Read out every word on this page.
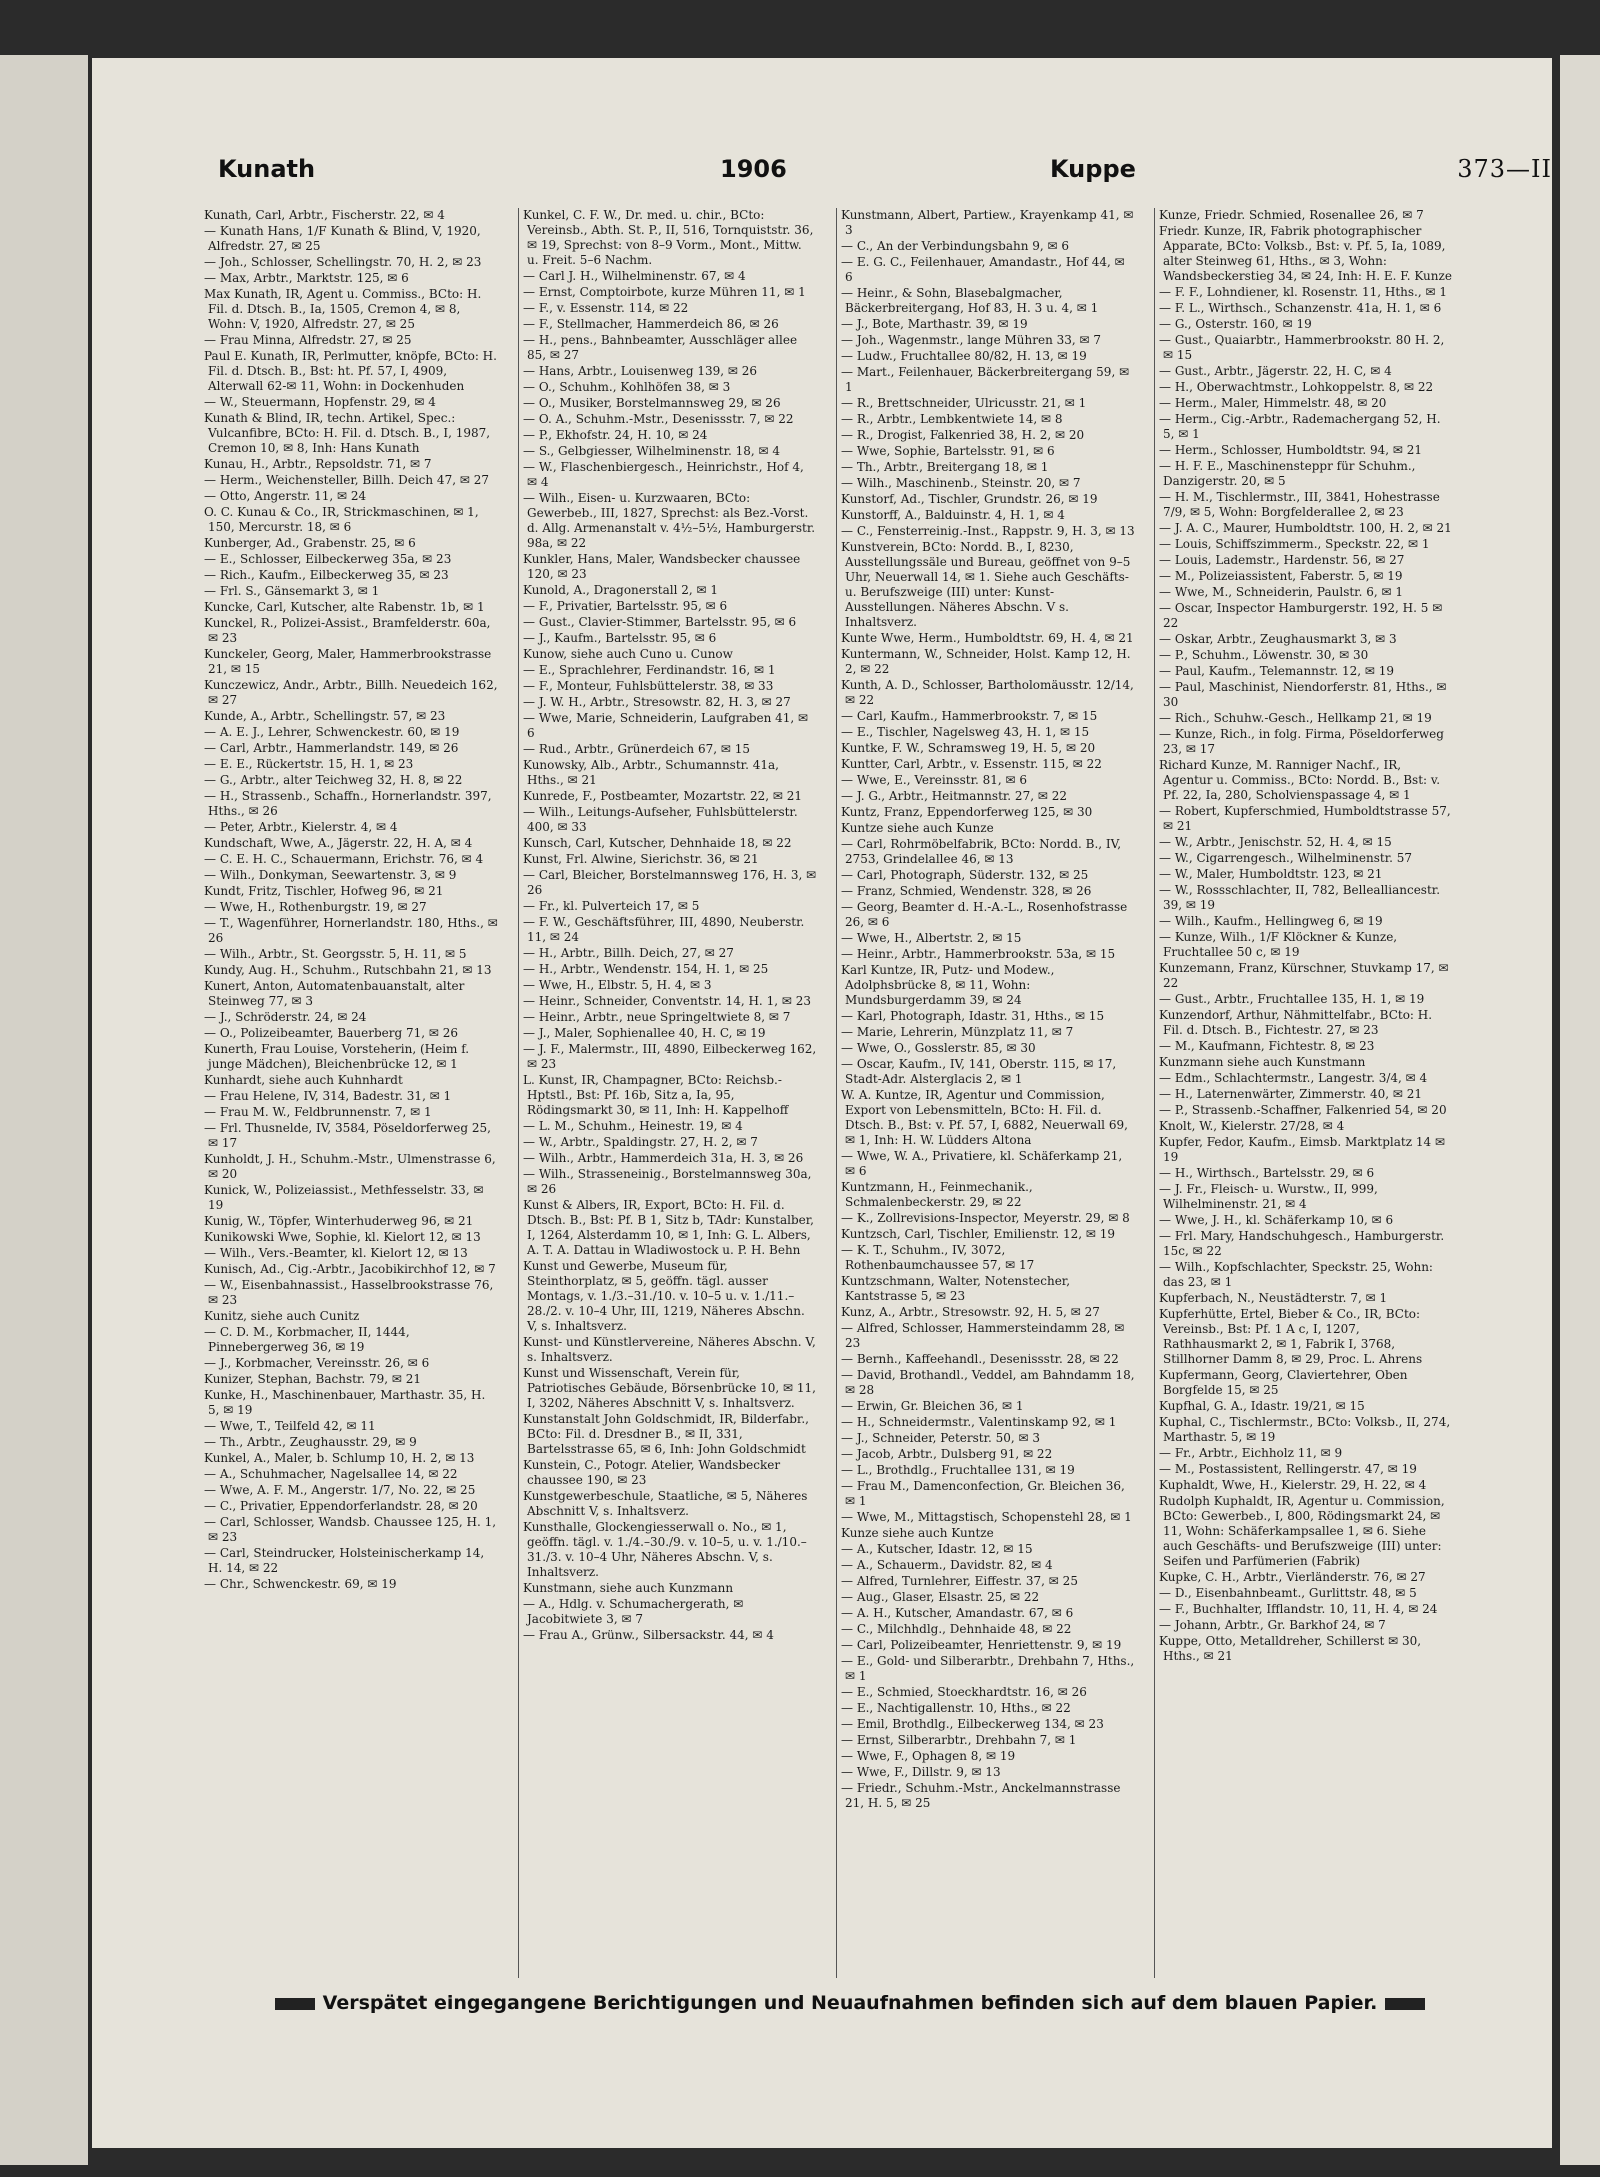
Kunath	1906	Kuppe	373—II
Kunath, Carl, Arbtr., Fischerstr. 22, ✉ 4
— Kunath Hans, 1/F Kunath & Blind, V, 1920, Alfredstr. 27, ✉ 25
— Joh., Schlosser, Schellingstr. 70, H. 2, ✉ 23
— Max, Arbtr., Marktstr. 125, ✉ 6
Max Kunath, IR, Agent u. Commiss., BCto: H. Fil. d. Dtsch. B., Ia, 1505, Cremon 4, ✉ 8, Wohn: V, 1920, Alfredstr. 27, ✉ 25
— Frau Minna, Alfredstr. 27, ✉ 25
Paul E. Kunath, IR, Perlmutter, knöpfe, BCto: H. Fil. d. Dtsch. B., Bst: ht. Pf. 57, I, 4909, Alterwall 62-✉ 11, Wohn: in Dockenhuden
— W., Steuermann, Hopfenstr. 29, ✉ 4
Kunath & Blind, IR, techn. Artikel, Spec.: Vulcanfibre, BCto: H. Fil. d. Dtsch. B., I, 1987, Cremon 10, ✉ 8, Inh: Hans Kunath
Kunau, H., Arbtr., Repsoldstr. 71, ✉ 7
— Herm., Weichensteller, Billh. Deich 47, ✉ 27
— Otto, Angerstr. 11, ✉ 24
O. C. Kunau & Co., IR, Strickmaschinen, ✉ 1, 150, Mercurstr. 18, ✉ 6
Kunberger, Ad., Grabenstr. 25, ✉ 6
— E., Schlosser, Eilbeckerweg 35a, ✉ 23
— Rich., Kaufm., Eilbeckerweg 35, ✉ 23
— Frl. S., Gänsemarkt 3, ✉ 1
Kuncke, Carl, Kutscher, alte Rabenstr. 1b, ✉ 1
Kunckel, R., Polizei-Assist., Bramfelderstr. 60a, ✉ 23
Kunckeler, Georg, Maler, Hammerbrookstrasse 21, ✉ 15
Kunczewicz, Andr., Arbtr., Billh. Neuedeich 162, ✉ 27
Kunde, A., Arbtr., Schellingstr. 57, ✉ 23
— A. E. J., Lehrer, Schwenckestr. 60, ✉ 19
— Carl, Arbtr., Hammerlandstr. 149, ✉ 26
— E. E., Rückertstr. 15, H. 1, ✉ 23
— G., Arbtr., alter Teichweg 32, H. 8, ✉ 22
— H., Strassenb., Schaffn., Hornerlandstr. 397, Hths., ✉ 26
— Peter, Arbtr., Kielerstr. 4, ✉ 4
Kundschaft, Wwe, A., Jägerstr. 22, H. A, ✉ 4
— C. E. H. C., Schauermann, Erichstr. 76, ✉ 4
— Wilh., Donkyman, Seewartenstr. 3, ✉ 9
Kundt, Fritz, Tischler, Hofweg 96, ✉ 21
— Wwe, H., Rothenburgstr. 19, ✉ 27
— T., Wagenführer, Hornerlandstr. 180, Hths., ✉ 26
— Wilh., Arbtr., St. Georgsstr. 5, H. 11, ✉ 5
Kundy, Aug. H., Schuhm., Rutschbahn 21, ✉ 13
Kunert, Anton, Automatenbauanstalt, alter Steinweg 77, ✉ 3
— J., Schröderstr. 24, ✉ 24
— O., Polizeibeamter, Bauerberg 71, ✉ 26
Kunerth, Frau Louise, Vorsteherin, (Heim f. junge Mädchen), Bleichenbrücke 12, ✉ 1
Kunhardt, siehe auch Kuhnhardt
— Frau Helene, IV, 314, Badestr. 31, ✉ 1
— Frau M. W., Feldbrunnenstr. 7, ✉ 1
— Frl. Thusnelde, IV, 3584, Pöseldorferweg 25, ✉ 17
Kunholdt, J. H., Schuhm.-Mstr., Ulmenstrasse 6, ✉ 20
Kunick, W., Polizeiassist., Methfesselstr. 33, ✉ 19
Kunig, W., Töpfer, Winterhuderweg 96, ✉ 21
Kunikowski Wwe, Sophie, kl. Kielort 12, ✉ 13
— Wilh., Vers.-Beamter, kl. Kielort 12, ✉ 13
Kunisch, Ad., Cig.-Arbtr., Jacobikirchhof 12, ✉ 7
— W., Eisenbahnassist., Hasselbrookstrasse 76, ✉ 23
Kunitz, siehe auch Cunitz
— C. D. M., Korbmacher, II, 1444, Pinnebergerweg 36, ✉ 19
— J., Korbmacher, Vereinsstr. 26, ✉ 6
Kunizer, Stephan, Bachstr. 79, ✉ 21
Kunke, H., Maschinenbauer, Marthastr. 35, H. 5, ✉ 19
— Wwe, T., Teilfeld 42, ✉ 11
— Th., Arbtr., Zeughausstr. 29, ✉ 9
Kunkel, A., Maler, b. Schlump 10, H. 2, ✉ 13
— A., Schuhmacher, Nagelsallee 14, ✉ 22
— Wwe, A. F. M., Angerstr. 1/7, No. 22, ✉ 25
— C., Privatier, Eppendorferlandstr. 28, ✉ 20
— Carl, Schlosser, Wandsb. Chaussee 125, H. 1, ✉ 23
— Carl, Steindrucker, Holsteinischerkamp 14, H. 14, ✉ 22
— Chr., Schwenckestr. 69, ✉ 19
Kunkel, C. F. W., Dr. med. u. chir., BCto: Vereinsb., Abth. St. P., II, 516, Tornquiststr. 36, ✉ 19, Sprechst: von 8–9 Vorm., Mont., Mittw. u. Freit. 5–6 Nachm.
— Carl J. H., Wilhelminenstr. 67, ✉ 4
— Ernst, Comptoirbote, kurze Mühren 11, ✉ 1
— F., v. Essenstr. 114, ✉ 22
— F., Stellmacher, Hammerdeich 86, ✉ 26
— H., pens., Bahnbeamter, Ausschläger allee 85, ✉ 27
— Hans, Arbtr., Louisenweg 139, ✉ 26
— O., Schuhm., Kohlhöfen 38, ✉ 3
— O., Musiker, Borstelmannsweg 29, ✉ 26
— O. A., Schuhm.-Mstr., Desenissstr. 7, ✉ 22
— P., Ekhofstr. 24, H. 10, ✉ 24
— S., Gelbgiesser, Wilhelminenstr. 18, ✉ 4
— W., Flaschenbiergesch., Heinrichstr., Hof 4, ✉ 4
— Wilh., Eisen- u. Kurzwaaren, BCto: Gewerbeb., III, 1827, Sprechst: als Bez.-Vorst. d. Allg. Armenanstalt v. 4½–5½, Hamburgerstr. 98a, ✉ 22
Kunkler, Hans, Maler, Wandsbecker chaussee 120, ✉ 23
Kunold, A., Dragonerstall 2, ✉ 1
— F., Privatier, Bartelsstr. 95, ✉ 6
— Gust., Clavier-Stimmer, Bartelsstr. 95, ✉ 6
— J., Kaufm., Bartelsstr. 95, ✉ 6
Kunow, siehe auch Cuno u. Cunow
— E., Sprachlehrer, Ferdinandstr. 16, ✉ 1
— F., Monteur, Fuhlsbüttelerstr. 38, ✉ 33
— J. W. H., Arbtr., Stresowstr. 82, H. 3, ✉ 27
— Wwe, Marie, Schneiderin, Laufgraben 41, ✉ 6
— Rud., Arbtr., Grünerdeich 67, ✉ 15
Kunowsky, Alb., Arbtr., Schumannstr. 41a, Hths., ✉ 21
Kunrede, F., Postbeamter, Mozartstr. 22, ✉ 21
— Wilh., Leitungs-Aufseher, Fuhlsbüttelerstr. 400, ✉ 33
Kunsch, Carl, Kutscher, Dehnhaide 18, ✉ 22
Kunst, Frl. Alwine, Sierichstr. 36, ✉ 21
— Carl, Bleicher, Borstelmannsweg 176, H. 3, ✉ 26
— Fr., kl. Pulverteich 17, ✉ 5
— F. W., Geschäftsführer, III, 4890, Neuberstr. 11, ✉ 24
— H., Arbtr., Billh. Deich, 27, ✉ 27
— H., Arbtr., Wendenstr. 154, H. 1, ✉ 25
— Wwe, H., Elbstr. 5, H. 4, ✉ 3
— Heinr., Schneider, Conventstr. 14, H. 1, ✉ 23
— Heinr., Arbtr., neue Springeltwiete 8, ✉ 7
— J., Maler, Sophienallee 40, H. C, ✉ 19
— J. F., Malermstr., III, 4890, Eilbeckerweg 162, ✉ 23
L. Kunst, IR, Champagner, BCto: Reichsb.-Hptstl., Bst: Pf. 16b, Sitz a, Ia, 95, Rödingsmarkt 30, ✉ 11, Inh: H. Kappelhoff
— L. M., Schuhm., Heinestr. 19, ✉ 4
— W., Arbtr., Spaldingstr. 27, H. 2, ✉ 7
— Wilh., Arbtr., Hammerdeich 31a, H. 3, ✉ 26
— Wilh., Strasseneinig., Borstelmannsweg 30a, ✉ 26
Kunst & Albers, IR, Export, BCto: H. Fil. d. Dtsch. B., Bst: Pf. B 1, Sitz b, TAdr: Kunstalber, I, 1264, Alsterdamm 10, ✉ 1, Inh: G. L. Albers, A. T. A. Dattau in Wladiwostock u. P. H. Behn
Kunst und Gewerbe, Museum für, Steinthorplatz, ✉ 5, geöffn. tägl. ausser Montags, v. 1./3.–31./10. v. 10–5 u. v. 1./11.–28./2. v. 10–4 Uhr, III, 1219, Näheres Abschn. V, s. Inhaltsverz.
Kunst- und Künstlervereine, Näheres Abschn. V, s. Inhaltsverz.
Kunst und Wissenschaft, Verein für, Patriotisches Gebäude, Börsenbrücke 10, ✉ 11, I, 3202, Näheres Abschnitt V, s. Inhaltsverz.
Kunstanstalt John Goldschmidt, IR, Bilderfabr., BCto: Fil. d. Dresdner B., ✉ II, 331, Bartelsstrasse 65, ✉ 6, Inh: John Goldschmidt
Kunstein, C., Potogr. Atelier, Wandsbecker chaussee 190, ✉ 23
Kunstgewerbeschule, Staatliche, ✉ 5, Näheres Abschnitt V, s. Inhaltsverz.
Kunsthalle, Glockengiesserwall o. No., ✉ 1, geöffn. tägl. v. 1./4.–30./9. v. 10–5, u. v. 1./10.–31./3. v. 10–4 Uhr, Näheres Abschn. V, s. Inhaltsverz.
Kunstmann, siehe auch Kunzmann
— A., Hdlg. v. Schumachergerath, ✉ Jacobitwiete 3, ✉ 7
— Frau A., Grünw., Silbersackstr. 44, ✉ 4
Kunstmann, Albert, Partiew., Krayenkamp 41, ✉ 3
— C., An der Verbindungsbahn 9, ✉ 6
— E. G. C., Feilenhauer, Amandastr., Hof 44, ✉ 6
— Heinr., & Sohn, Blasebalgmacher, Bäckerbreitergang, Hof 83, H. 3 u. 4, ✉ 1
— J., Bote, Marthastr. 39, ✉ 19
— Joh., Wagenmstr., lange Mühren 33, ✉ 7
— Ludw., Fruchtallee 80/82, H. 13, ✉ 19
— Mart., Feilenhauer, Bäckerbreitergang 59, ✉ 1
— R., Brettschneider, Ulricusstr. 21, ✉ 1
— R., Arbtr., Lembkentwiete 14, ✉ 8
— R., Drogist, Falkenried 38, H. 2, ✉ 20
— Wwe, Sophie, Bartelsstr. 91, ✉ 6
— Th., Arbtr., Breitergang 18, ✉ 1
— Wilh., Maschinenb., Steinstr. 20, ✉ 7
Kunstorf, Ad., Tischler, Grundstr. 26, ✉ 19
Kunstorff, A., Balduinstr. 4, H. 1, ✉ 4
— C., Fensterreinig.-Inst., Rappstr. 9, H. 3, ✉ 13
Kunstverein, BCto: Nordd. B., I, 8230, Ausstellungssäle und Bureau, geöffnet von 9–5 Uhr, Neuerwall 14, ✉ 1. Siehe auch Geschäfts- u. Berufszweige (III) unter: Kunst-Ausstellungen. Näheres Abschn. V s. Inhaltsverz.
Kunte Wwe, Herm., Humboldtstr. 69, H. 4, ✉ 21
Kuntermann, W., Schneider, Holst. Kamp 12, H. 2, ✉ 22
Kunth, A. D., Schlosser, Bartholomäusstr. 12/14, ✉ 22
— Carl, Kaufm., Hammerbrookstr. 7, ✉ 15
— E., Tischler, Nagelsweg 43, H. 1, ✉ 15
Kuntke, F. W., Schramsweg 19, H. 5, ✉ 20
Kuntter, Carl, Arbtr., v. Essenstr. 115, ✉ 22
— Wwe, E., Vereinsstr. 81, ✉ 6
— J. G., Arbtr., Heitmannstr. 27, ✉ 22
Kuntz, Franz, Eppendorferweg 125, ✉ 30
Kuntze siehe auch Kunze
— Carl, Rohrmöbelfabrik, BCto: Nordd. B., IV, 2753, Grindelallee 46, ✉ 13
— Carl, Photograph, Süderstr. 132, ✉ 25
— Franz, Schmied, Wendenstr. 328, ✉ 26
— Georg, Beamter d. H.-A.-L., Rosenhofstrasse 26, ✉ 6
— Wwe, H., Albertstr. 2, ✉ 15
— Heinr., Arbtr., Hammerbrookstr. 53a, ✉ 15
Karl Kuntze, IR, Putz- und Modew., Adolphsbrücke 8, ✉ 11, Wohn: Mundsburgerdamm 39, ✉ 24
— Karl, Photograph, Idastr. 31, Hths., ✉ 15
— Marie, Lehrerin, Münzplatz 11, ✉ 7
— Wwe, O., Gosslerstr. 85, ✉ 30
— Oscar, Kaufm., IV, 141, Oberstr. 115, ✉ 17, Stadt-Adr. Alsterglacis 2, ✉ 1
W. A. Kuntze, IR, Agentur und Commission, Export von Lebensmitteln, BCto: H. Fil. d. Dtsch. B., Bst: v. Pf. 57, I, 6882, Neuerwall 69, ✉ 1, Inh: H. W. Lüdders Altona
— Wwe, W. A., Privatiere, kl. Schäferkamp 21, ✉ 6
Kuntzmann, H., Feinmechanik., Schmalenbeckerstr. 29, ✉ 22
— K., Zollrevisions-Inspector, Meyerstr. 29, ✉ 8
Kuntzsch, Carl, Tischler, Emilienstr. 12, ✉ 19
— K. T., Schuhm., IV, 3072, Rothenbaumchaussee 57, ✉ 17
Kuntzschmann, Walter, Notenstecher, Kantstrasse 5, ✉ 23
Kunz, A., Arbtr., Stresowstr. 92, H. 5, ✉ 27
— Alfred, Schlosser, Hammersteindamm 28, ✉ 23
— Bernh., Kaffeehandl., Desenissstr. 28, ✉ 22
— David, Brothandl., Veddel, am Bahndamm 18, ✉ 28
— Erwin, Gr. Bleichen 36, ✉ 1
— H., Schneidermstr., Valentinskamp 92, ✉ 1
— J., Schneider, Peterstr. 50, ✉ 3
— Jacob, Arbtr., Dulsberg 91, ✉ 22
— L., Brothdlg., Fruchtallee 131, ✉ 19
— Frau M., Damenconfection, Gr. Bleichen 36, ✉ 1
— Wwe, M., Mittagstisch, Schopenstehl 28, ✉ 1
Kunze siehe auch Kuntze
— A., Kutscher, Idastr. 12, ✉ 15
— A., Schauerm., Davidstr. 82, ✉ 4
— Alfred, Turnlehrer, Eiffestr. 37, ✉ 25
— Aug., Glaser, Elsastr. 25, ✉ 22
— A. H., Kutscher, Amandastr. 67, ✉ 6
— C., Milchhdlg., Dehnhaide 48, ✉ 22
— Carl, Polizeibeamter, Henriettenstr. 9, ✉ 19
— E., Gold- und Silberarbtr., Drehbahn 7, Hths., ✉ 1
— E., Schmied, Stoeckhardtstr. 16, ✉ 26
— E., Nachtigallenstr. 10, Hths., ✉ 22
— Emil, Brothdlg., Eilbeckerweg 134, ✉ 23
— Ernst, Silberarbtr., Drehbahn 7, ✉ 1
— Wwe, F., Ophagen 8, ✉ 19
— Wwe, F., Dillstr. 9, ✉ 13
— Friedr., Schuhm.-Mstr., Anckelmannstrasse 21, H. 5, ✉ 25
Kunze, Friedr. Schmied, Rosenallee 26, ✉ 7
Friedr. Kunze, IR, Fabrik photographischer Apparate, BCto: Volksb., Bst: v. Pf. 5, Ia, 1089, alter Steinweg 61, Hths., ✉ 3, Wohn: Wandsbeckerstieg 34, ✉ 24, Inh: H. E. F. Kunze
— F. F., Lohndiener, kl. Rosenstr. 11, Hths., ✉ 1
— F. L., Wirthsch., Schanzenstr. 41a, H. 1, ✉ 6
— G., Osterstr. 160, ✉ 19
— Gust., Quaiarbtr., Hammerbrookstr. 80 H. 2, ✉ 15
— Gust., Arbtr., Jägerstr. 22, H. C, ✉ 4
— H., Oberwachtmstr., Lohkoppelstr. 8, ✉ 22
— Herm., Maler, Himmelstr. 48, ✉ 20
— Herm., Cig.-Arbtr., Rademachergang 52, H. 5, ✉ 1
— Herm., Schlosser, Humboldtstr. 94, ✉ 21
— H. F. E., Maschinensteppr für Schuhm., Danzigerstr. 20, ✉ 5
— H. M., Tischlermstr., III, 3841, Hohestrasse 7/9, ✉ 5, Wohn: Borgfelderallee 2, ✉ 23
— J. A. C., Maurer, Humboldtstr. 100, H. 2, ✉ 21
— Louis, Schiffszimmerm., Speckstr. 22, ✉ 1
— Louis, Lademstr., Hardenstr. 56, ✉ 27
— M., Polizeiassistent, Faberstr. 5, ✉ 19
— Wwe, M., Schneiderin, Paulstr. 6, ✉ 1
— Oscar, Inspector Hamburgerstr. 192, H. 5 ✉ 22
— Oskar, Arbtr., Zeughausmarkt 3, ✉ 3
— P., Schuhm., Löwenstr. 30, ✉ 30
— Paul, Kaufm., Telemannstr. 12, ✉ 19
— Paul, Maschinist, Niendorferstr. 81, Hths., ✉ 30
— Rich., Schuhw.-Gesch., Hellkamp 21, ✉ 19
— Kunze, Rich., in folg. Firma, Pöseldorferweg 23, ✉ 17
Richard Kunze, M. Ranniger Nachf., IR, Agentur u. Commiss., BCto: Nordd. B., Bst: v. Pf. 22, Ia, 280, Scholvienspassage 4, ✉ 1
— Robert, Kupferschmied, Humboldtstrasse 57, ✉ 21
— W., Arbtr., Jenischstr. 52, H. 4, ✉ 15
— W., Cigarrengesch., Wilhelminenstr. 57
— W., Maler, Humboldtstr. 123, ✉ 21
— W., Rossschlachter, II, 782, Bellealliancestr. 39, ✉ 19
— Wilh., Kaufm., Hellingweg 6, ✉ 19
— Kunze, Wilh., 1/F Klöckner & Kunze, Fruchtallee 50 c, ✉ 19
Kunzemann, Franz, Kürschner, Stuvkamp 17, ✉ 22
— Gust., Arbtr., Fruchtallee 135, H. 1, ✉ 19
Kunzendorf, Arthur, Nähmittelfabr., BCto: H. Fil. d. Dtsch. B., Fichtestr. 27, ✉ 23
— M., Kaufmann, Fichtestr. 8, ✉ 23
Kunzmann siehe auch Kunstmann
— Edm., Schlachtermstr., Langestr. 3/4, ✉ 4
— H., Laternenwärter, Zimmerstr. 40, ✉ 21
— P., Strassenb.-Schaffner, Falkenried 54, ✉ 20
Knolt, W., Kielerstr. 27/28, ✉ 4
Kupfer, Fedor, Kaufm., Eimsb. Marktplatz 14 ✉ 19
— H., Wirthsch., Bartelsstr. 29, ✉ 6
— J. Fr., Fleisch- u. Wurstw., II, 999, Wilhelminenstr. 21, ✉ 4
— Wwe, J. H., kl. Schäferkamp 10, ✉ 6
— Frl. Mary, Handschuhgesch., Hamburgerstr. 15c, ✉ 22
— Wilh., Kopfschlachter, Speckstr. 25, Wohn: das 23, ✉ 1
Kupferbach, N., Neustädterstr. 7, ✉ 1
Kupferhütte, Ertel, Bieber & Co., IR, BCto: Vereinsb., Bst: Pf. 1 A c, I, 1207, Rathhausmarkt 2, ✉ 1, Fabrik I, 3768, Stillhorner Damm 8, ✉ 29, Proc. L. Ahrens
Kupfermann, Georg, Claviertehrer, Oben Borgfelde 15, ✉ 25
Kupfhal, G. A., Idastr. 19/21, ✉ 15
Kuphal, C., Tischlermstr., BCto: Volksb., II, 274, Marthastr. 5, ✉ 19
— Fr., Arbtr., Eichholz 11, ✉ 9
— M., Postassistent, Rellingerstr. 47, ✉ 19
Kuphaldt, Wwe, H., Kielerstr. 29, H. 22, ✉ 4
Rudolph Kuphaldt, IR, Agentur u. Commission, BCto: Gewerbeb., I, 800, Rödingsmarkt 24, ✉ 11, Wohn: Schäferkampsallee 1, ✉ 6. Siehe auch Geschäfts- und Berufszweige (III) unter: Seifen und Parfümerien (Fabrik)
Kupke, C. H., Arbtr., Vierländerstr. 76, ✉ 27
— D., Eisenbahnbeamt., Gurlittstr. 48, ✉ 5
— F., Buchhalter, Ifflandstr. 10, 11, H. 4, ✉ 24
— Johann, Arbtr., Gr. Barkhof 24, ✉ 7
Kuppe, Otto, Metalldreher, Schillerst ✉ 30, Hths., ✉ 21
Verspätet eingegangene Berichtigungen und Neuaufnahmen befinden sich auf dem blauen Papier.
